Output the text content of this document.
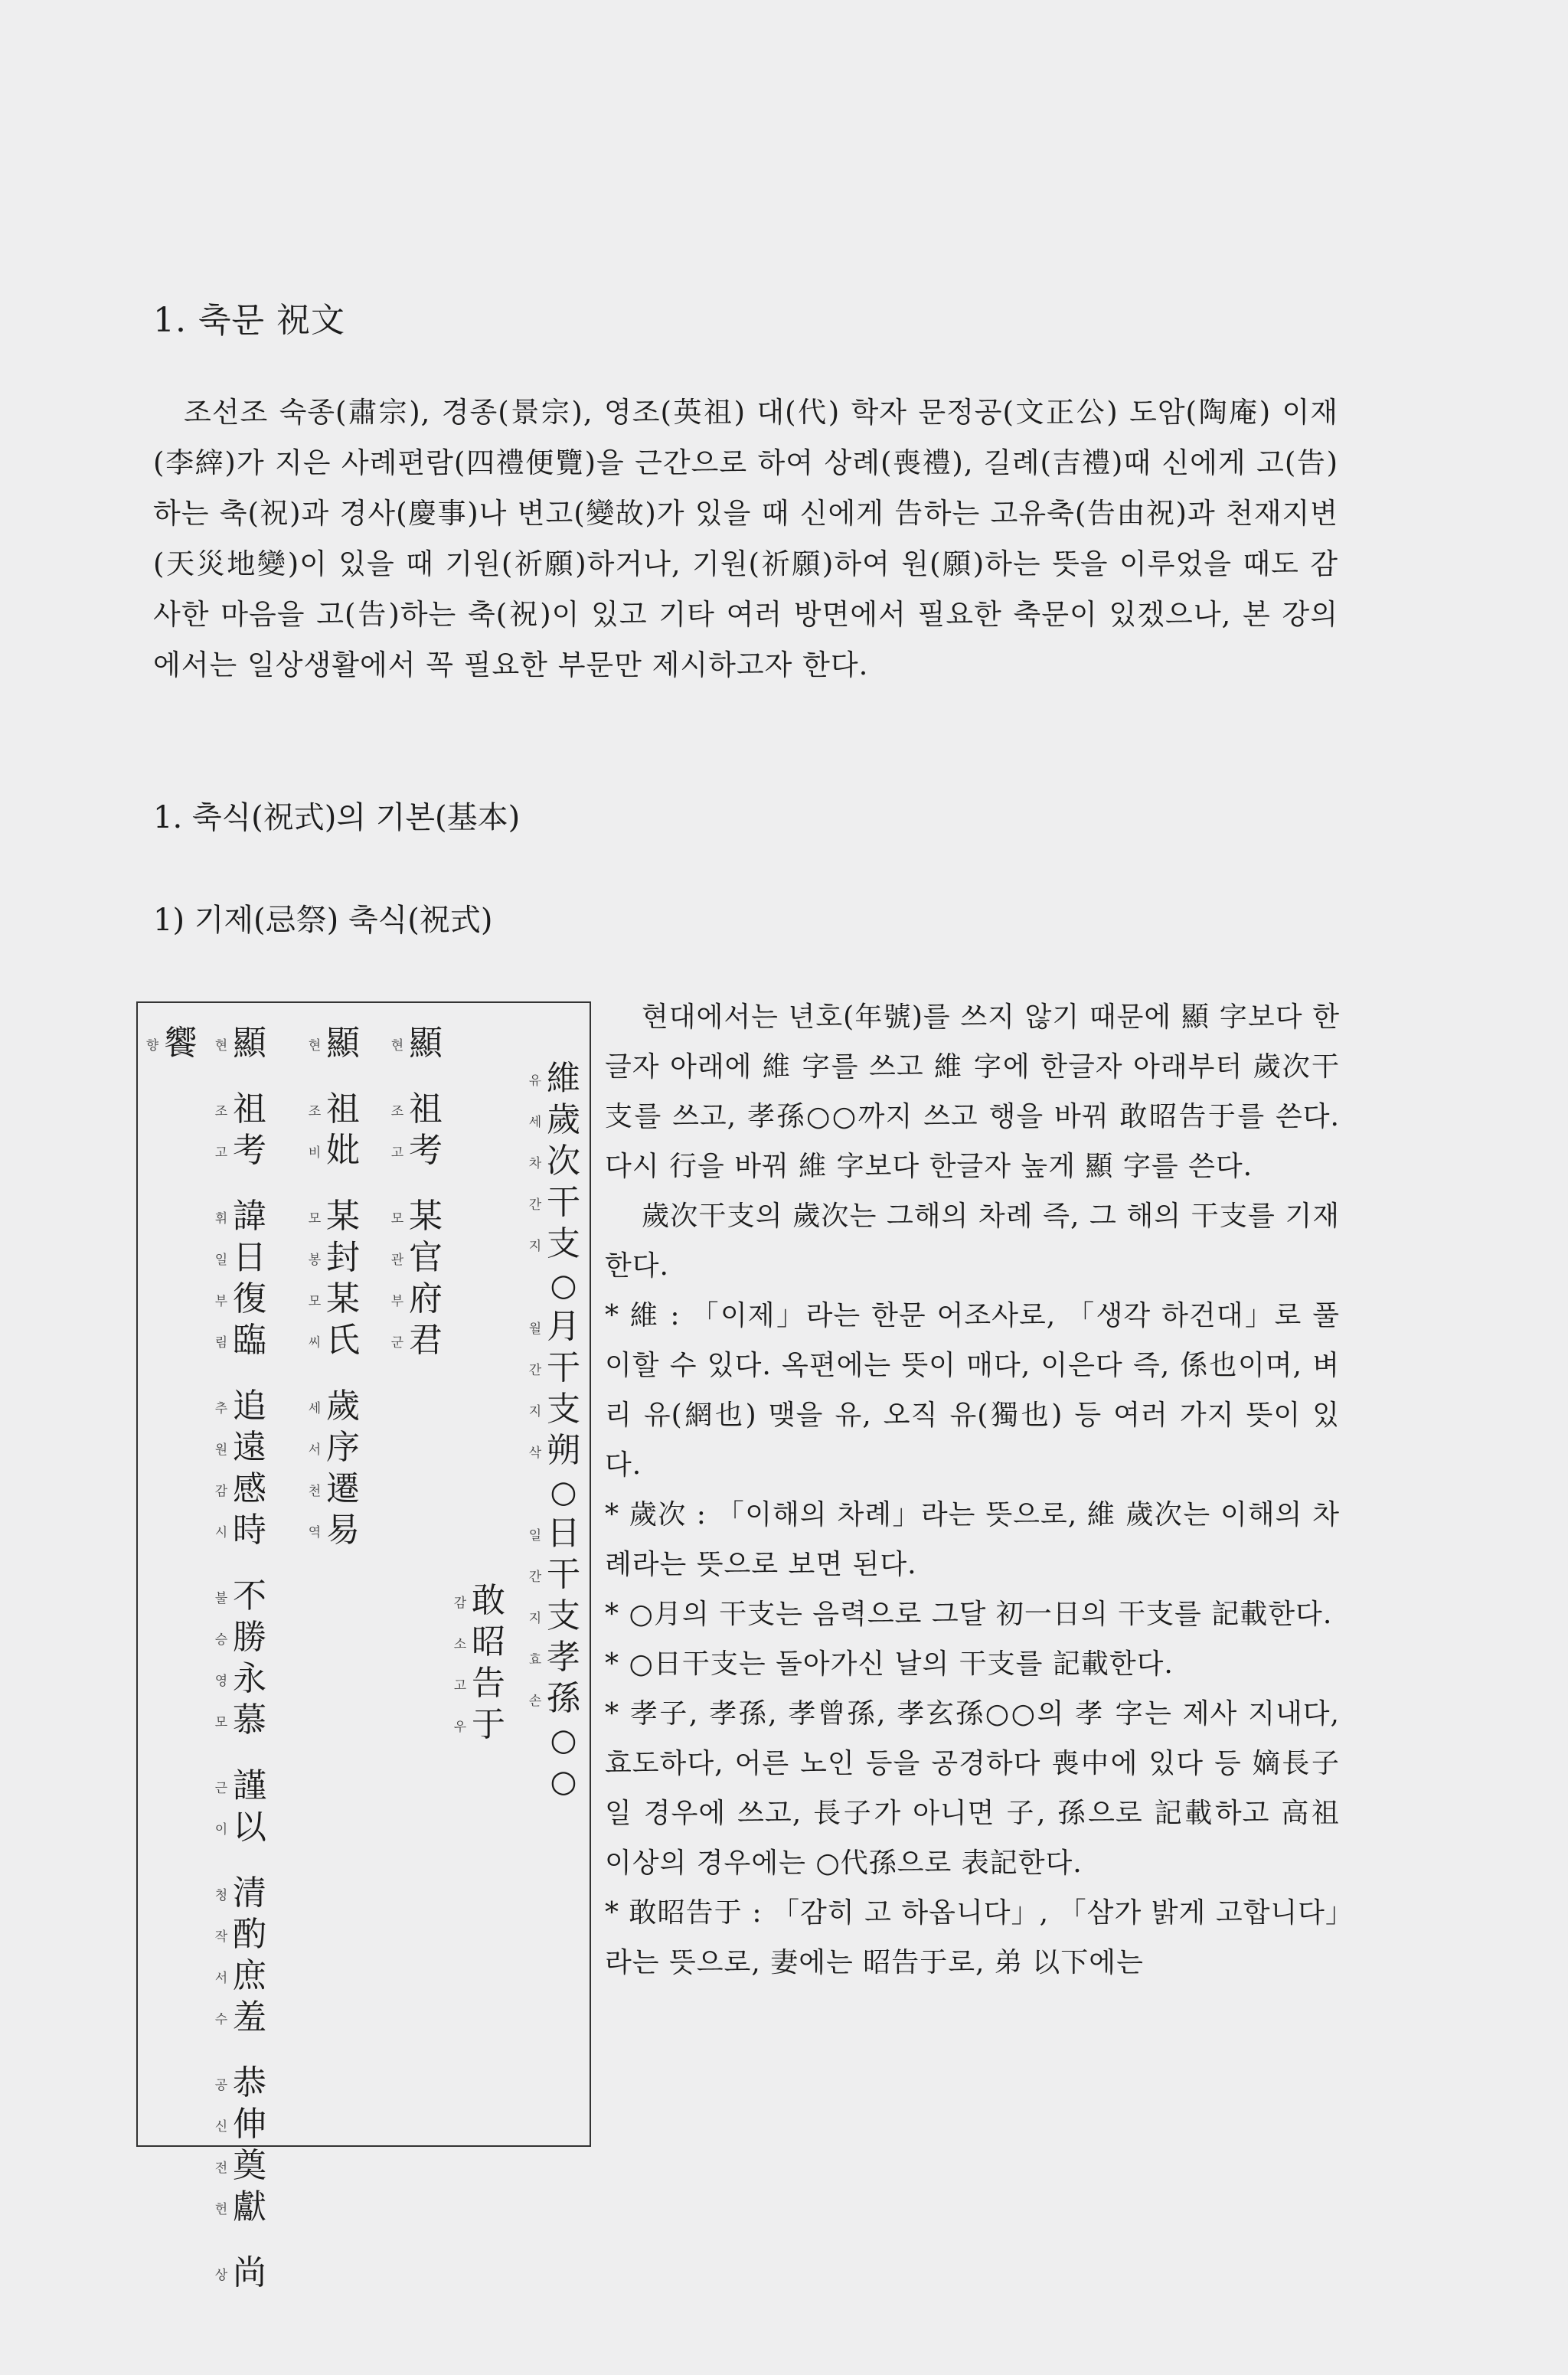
1. 축문 祝文
조선조 숙종(肅宗), 경종(景宗), 영조(英祖) 대(代) 학자 문정공(文正公) 도암(陶庵) 이재(李縡)가 지은 사례편람(四禮便覽)을 근간으로 하여 상례(喪禮), 길례(吉禮)때 신에게 고(告)하는 축(祝)과 경사(慶事)나 변고(變故)가 있을 때 신에게 告하는 고유축(告由祝)과 천재지변(天災地變)이 있을 때 기원(祈願)하거나, 기원(祈願)하여 원(願)하는 뜻을 이루었을 때도 감사한 마음을 고(告)하는 축(祝)이 있고 기타 여러 방면에서 필요한 축문이 있겠으나, 본 강의에서는 일상생활에서 꼭 필요한 부문만 제시하고자 한다.
1. 축식(祝式)의 기본(基本)
1) 기제(忌祭) 축식(祝式)
향 饗 현 顯
조 祖
고 考
휘 諱
일 日
부 復
림 臨
추 追
원 遠
감 感
시 時
불 不
승 勝
영 永
모 慕
근 謹
이 以
청 清
작 酌
서 庶
수 羞
공 恭
신 伸
전 奠
헌 獻
상 尚
현 顯
조 祖
비 妣
모 某
봉 封
모 某
씨 氏
세 歲
서 序
천 遷
역 易
현 顯
조 祖
고 考
모 某
관 官
부 府
군 君
감 敢
소 昭
고 告
우 于
유 維
세 歲
차 次
간 干
지 支
○
월 月
간 干
지 支
삭 朔
○
일 日
간 干
지 支
효 孝
손 孫
○
○

현대에서는 년호(年號)를 쓰지 않기 때문에 顯 字보다 한글자 아래에 維 字를 쓰고 維 字에 한글자 아래부터 歲次干支를 쓰고, 孝孫○○까지 쓰고 행을 바꿔 敢昭告于를 쓴다. 다시 行을 바꿔 維 字보다 한글자 높게 顯 字를 쓴다.

歲次干支의 歲次는 그해의 차례 즉, 그 해의 干支를 기재한다.

* 維 : 「이제」라는 한문 어조사로, 「생각 하건대」로 풀이할 수 있다. 옥편에는 뜻이 매다, 이은다 즉, 係也이며, 벼리 유(網也) 맺을 유, 오직 유(獨也) 등 여러 가지 뜻이 있다.

* 歲次 : 「이해의 차례」라는 뜻으로, 維 歲次는 이해의 차례라는 뜻으로 보면 된다.

* ○月의 干支는 음력으로 그달 初一日의 干支를 記載한다.

* ○日干支는 돌아가신 날의 干支를 記載한다.

* 孝子, 孝孫, 孝曾孫, 孝玄孫○○의 孝 字는 제사 지내다, 효도하다, 어른 노인 등을 공경하다 喪中에 있다 등 嫡長子일 경우에 쓰고, 長子가 아니면 子, 孫으로 記載하고 高祖 이상의 경우에는 ○代孫으로 表記한다.

* 敢昭告于 : 「감히 고 하옵니다」, 「삼가 밝게 고합니다」라는 뜻으로, 妻에는 昭告于로, 弟 以下에는
